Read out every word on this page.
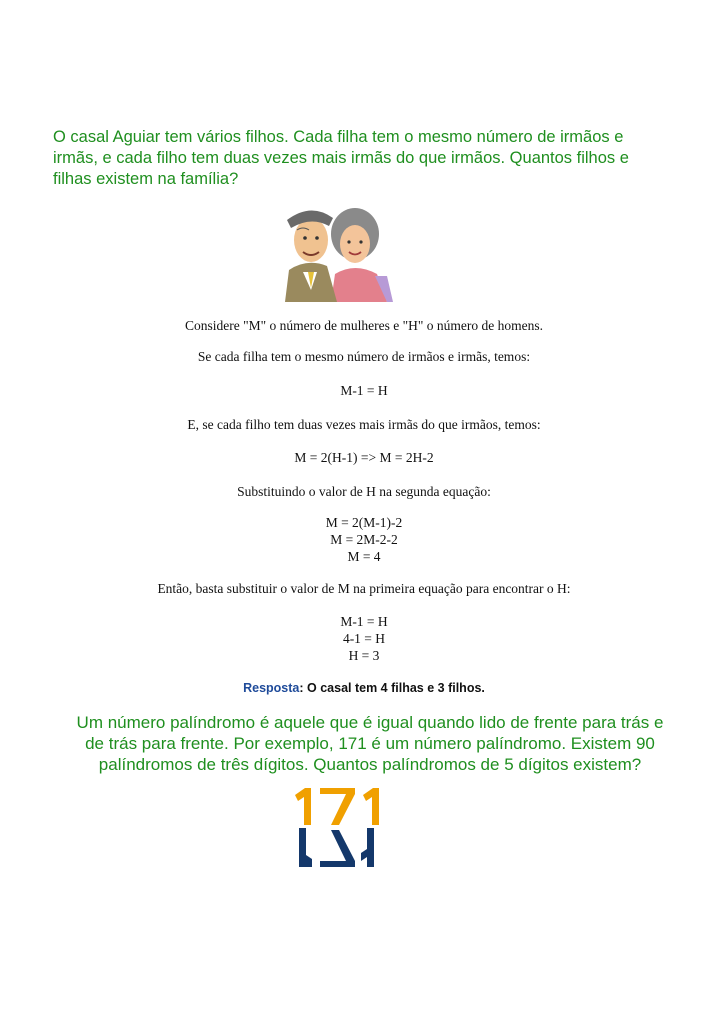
O casal Aguiar tem vários filhos. Cada filha tem o mesmo número de irmãos e

irmãs, e cada filho tem duas vezes mais irmãs do que irmãos. Quantos filhos e

filhas existem na família?

Considere "M" o número de mulheres e "H" o número de homens.

Se cada filha tem o mesmo número de irmãos e irmãs, temos:

M-1 = H

E, se cada filho tem duas vezes mais irmãs do que irmãos, temos:

M = 2(H-1) => M = 2H-2

Substituindo o valor de H na segunda equação:

M = 2(M-1)-2

M = 2M-2-2

M = 4

Então, basta substituir o valor de M na primeira equação para encontrar o H:

M-1 = H

4-1 = H

H = 3

Resposta: O casal tem 4 filhas e 3 filhos.

Um número palíndromo é aquele que é igual quando lido de frente para trás e

de trás para frente. Por exemplo, 171 é um número palíndromo. Existem 90

palíndromos de três dígitos. Quantos palíndromos de 5 dígitos existem?
